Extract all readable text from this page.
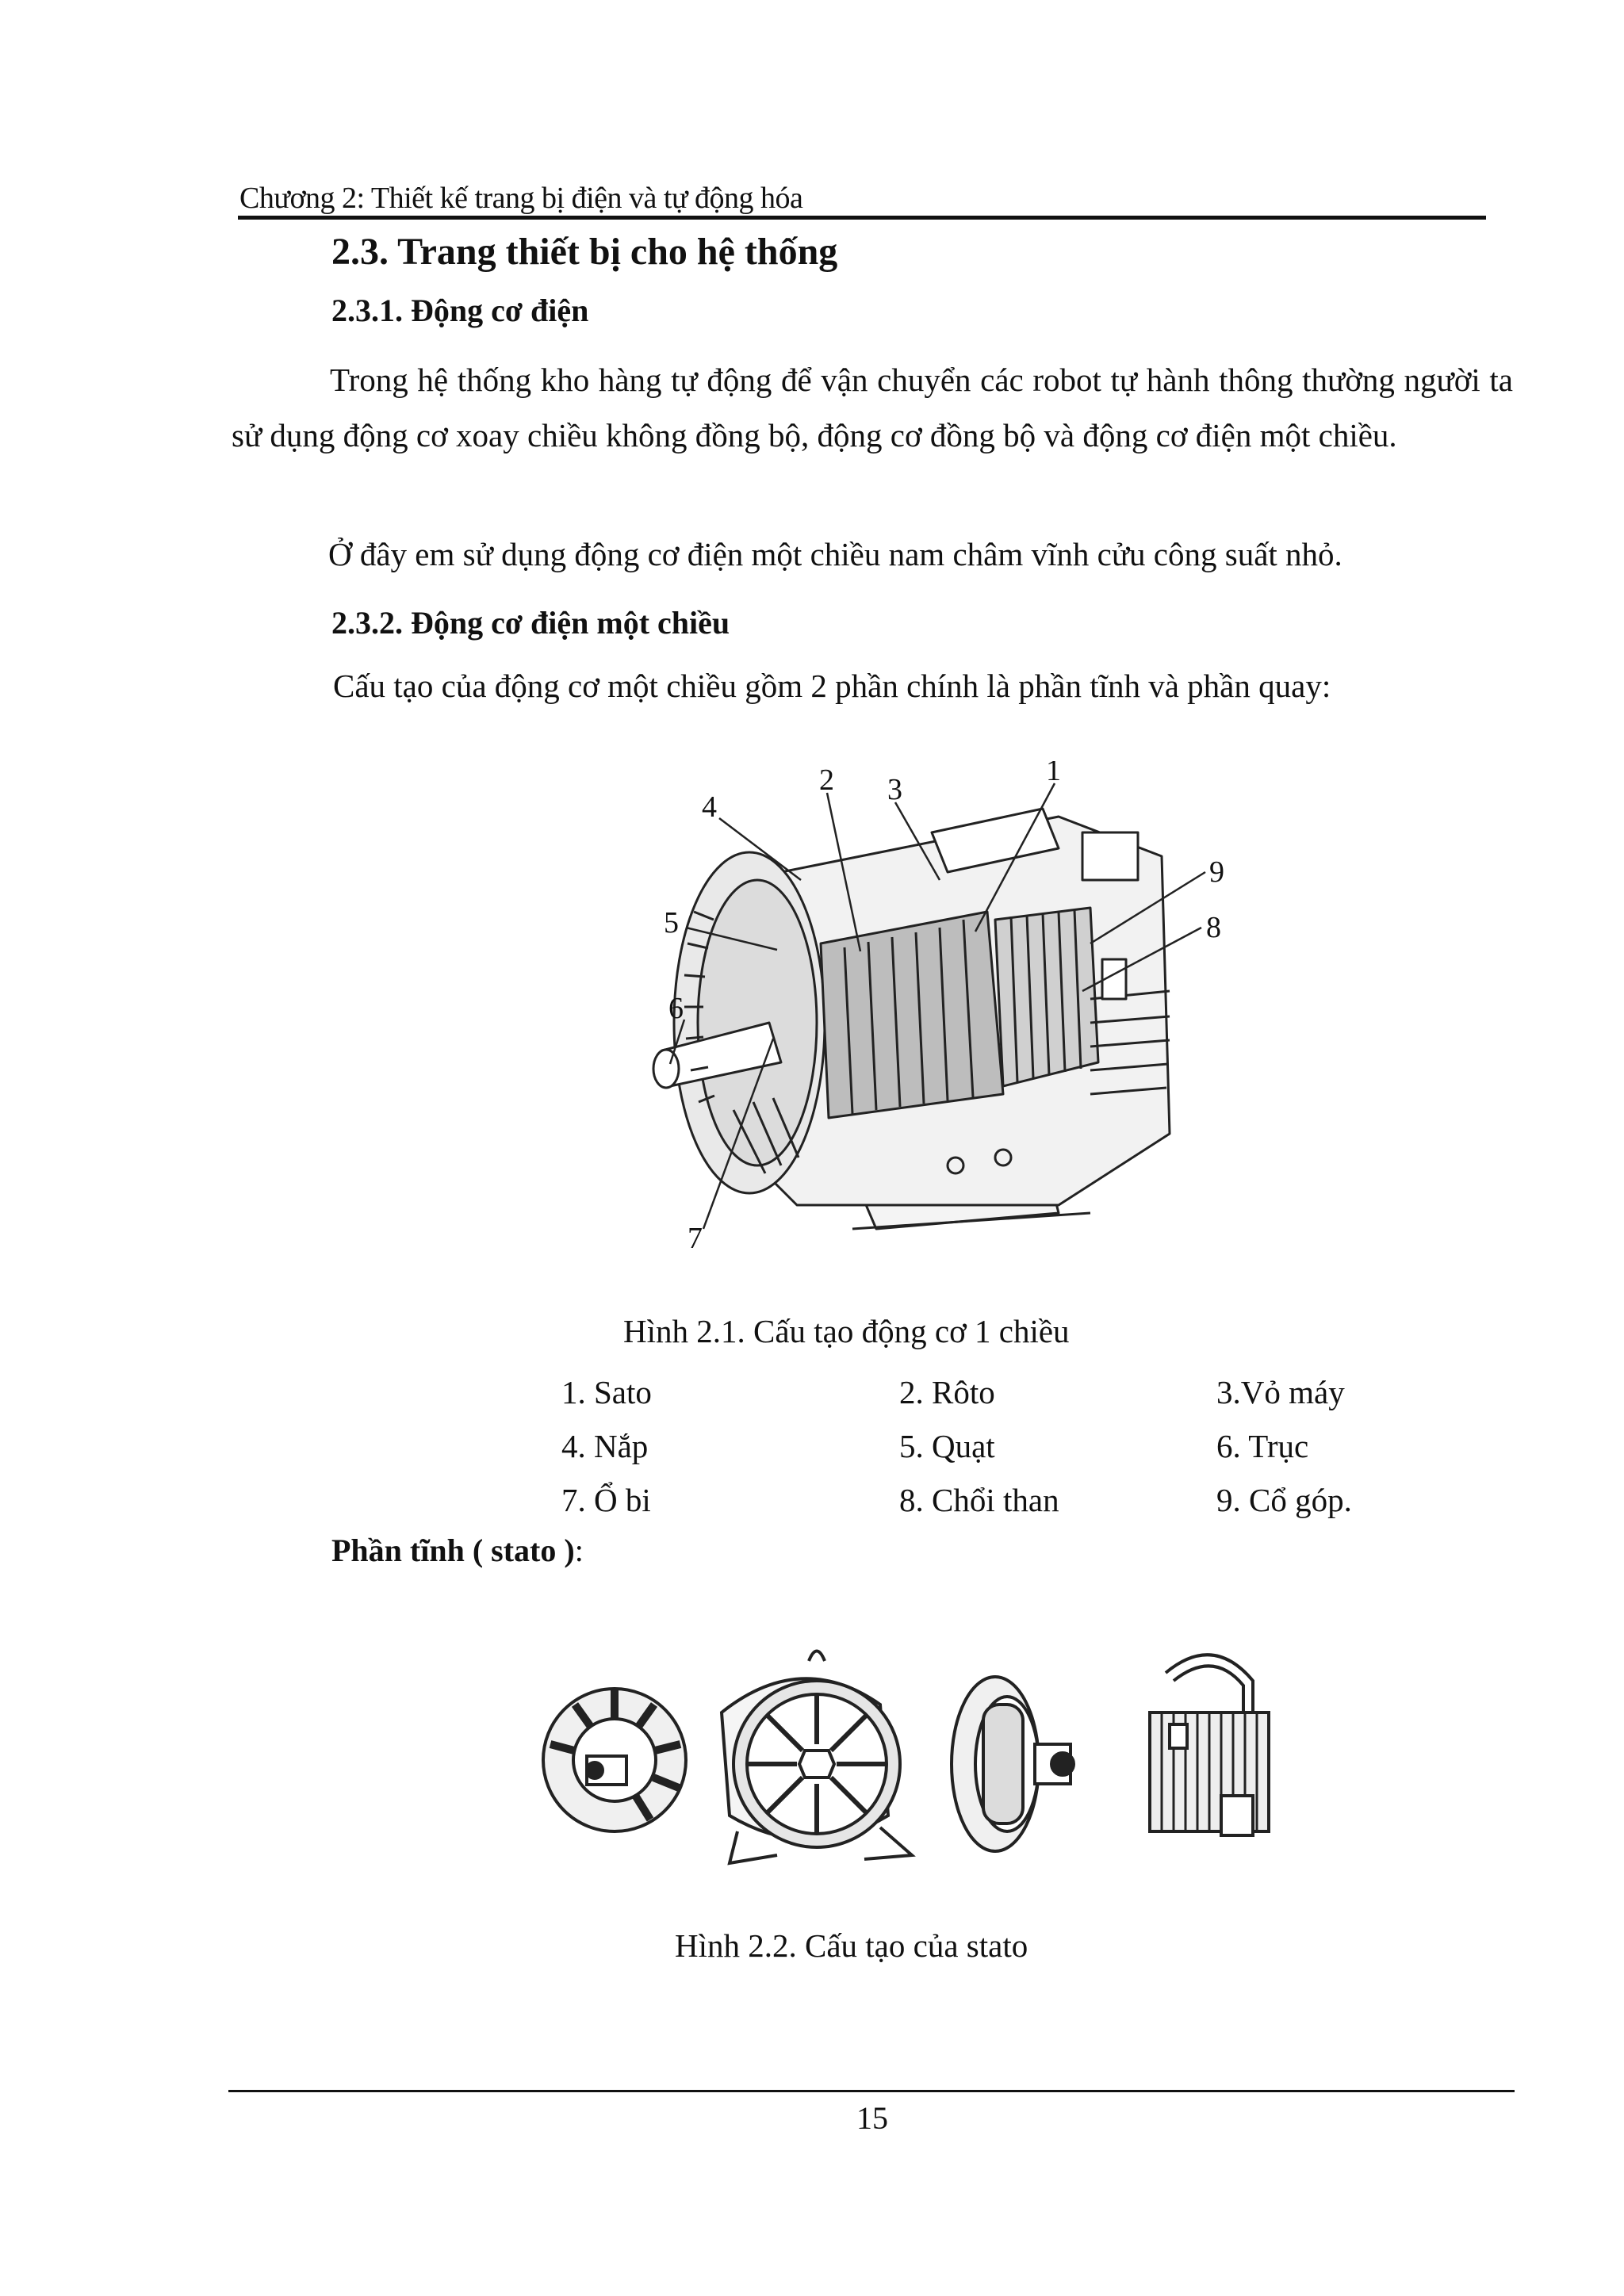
Chương 2: Thiết kế trang bị điện và tự động hóa
2.3. Trang thiết bị cho hệ thống
2.3.1. Động cơ điện
Trong hệ thống kho hàng tự động để vận chuyển các robot tự hành thông thường người ta sử dụng động cơ xoay chiều không đồng bộ, động cơ đồng bộ và động cơ điện một chiều.
Ở đây em sử dụng động cơ điện một chiều nam châm vĩnh cửu công suất nhỏ.
2.3.2. Động cơ điện một chiều
Cấu tạo của động cơ một chiều gồm 2 phần chính là phần tĩnh và phần quay:
1
2 3
4
5
6
7
8
9
Hình 2.1. Cấu tạo động cơ 1 chiều
1. Sato	2. Rôto	3.Vỏ máy
4. Nắp	5. Quạt	6. Trục
7. Ổ bi	8. Chổi than	9. Cổ góp.
Phần tĩnh ( stato ):
Hình 2.2. Cấu tạo của stato
15
